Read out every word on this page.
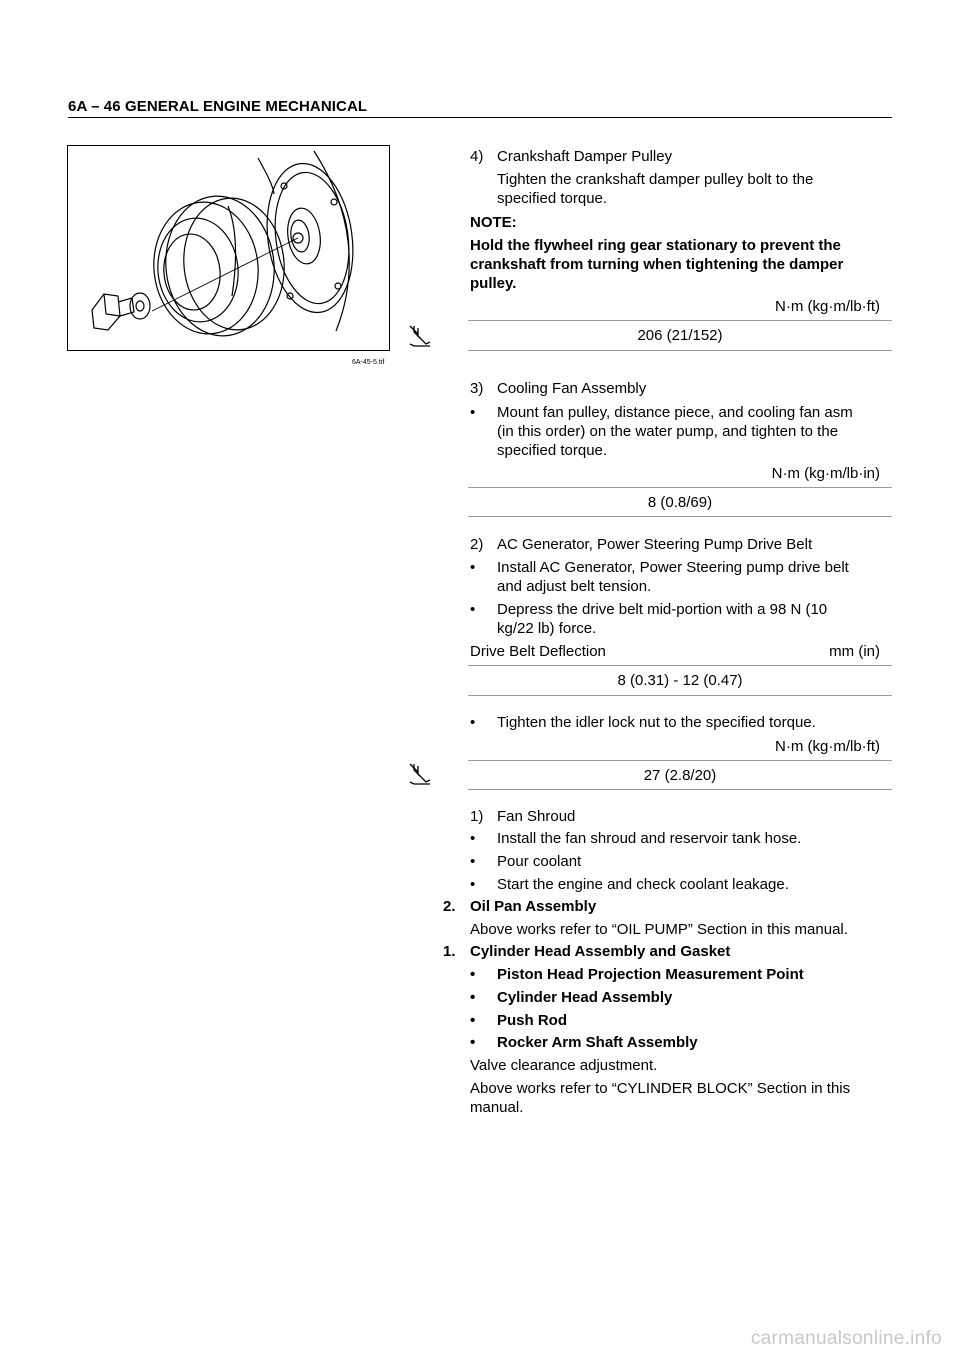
6A – 46 GENERAL ENGINE MECHANICAL
6A-45-5.tif
4) Crankshaft Damper Pulley
Tighten the crankshaft damper pulley bolt to the
specified torque.
NOTE:
Hold the flywheel ring gear stationary to prevent the
crankshaft from turning when tightening the damper
pulley.
N·m (kg·m/lb·ft)
206 (21/152)
3) Cooling Fan Assembly
• Mount fan pulley, distance piece, and cooling fan asm
(in this order) on the water pump, and tighten to the
specified torque.
N·m (kg·m/lb·in)
8 (0.8/69)
2) AC Generator, Power Steering Pump Drive Belt
• Install AC Generator, Power Steering pump drive belt
and adjust belt tension.
• Depress the drive belt mid-portion with a 98 N (10
kg/22 lb) force.
Drive Belt Deflection	mm (in)
8 (0.31) - 12 (0.47)
• Tighten the idler lock nut to the specified torque.
N·m (kg·m/lb·ft)
27 (2.8/20)
1) Fan Shroud
• Install the fan shroud and reservoir tank hose.
• Pour coolant
• Start the engine and check coolant leakage.
2. Oil Pan Assembly
Above works refer to “OIL PUMP” Section in this manual.
1. Cylinder Head Assembly and Gasket
• Piston Head Projection Measurement Point
• Cylinder Head Assembly
• Push Rod
• Rocker Arm Shaft Assembly
Valve clearance adjustment.
Above works refer to “CYLINDER BLOCK” Section in this
manual.
carmanualsonline.info
